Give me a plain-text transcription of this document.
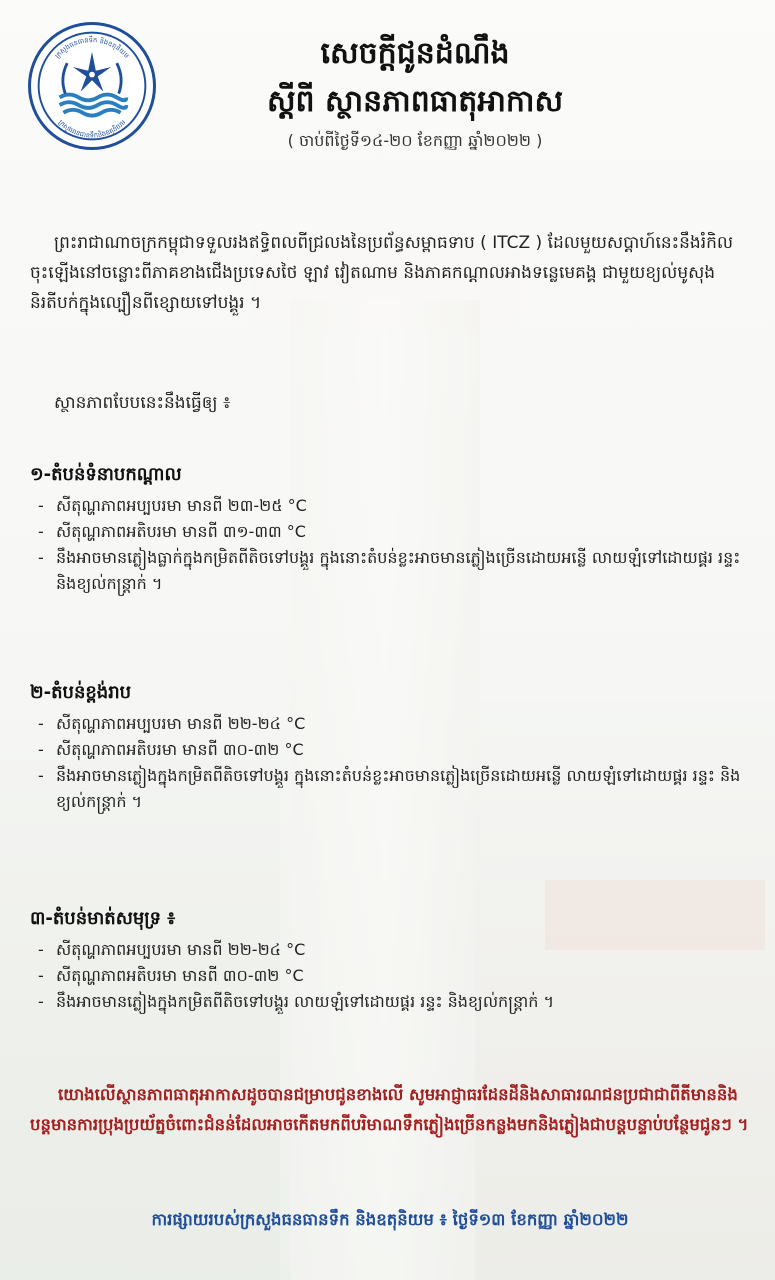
ក្រសួងធនធានទឹក និងឧតុនិយម
ក្រសួងធនធានទឹកនិងឧតុនិយម
សេចក្តីជូនដំណឹង
ស្តីពី ស្ថានភាពធាតុអាកាស
( ចាប់ពីថ្ងៃទី១៤-២០ ខែកញ្ញា ឆ្នាំ២០២២ )
ព្រះរាជាណាចក្រកម្ពុជាទទួលរងឥទ្ធិពលពីជ្រលងនៃប្រព័ន្ធសម្ពាធទាប ( ITCZ ) ដែលមួយសប្តាហ៍នេះនឹងរំកិលចុះឡើងនៅចន្លោះពីភាគខាងជើងប្រទេសថៃ ឡាវ វៀតណាម និងភាគកណ្តាលអាងទន្លេមេគង្គ ជាមួយខ្យល់មូសុងនិរតីបក់ក្នុងល្បឿនពីខ្សោយទៅបង្គួរ ។
ស្ថានភាពបែបនេះនឹងធ្វើឲ្យ ៖
១-តំបន់ទំនាបកណ្តាល
- សីតុណ្ហភាពអប្បបរមា មានពី ២៣-២៥ °C
- សីតុណ្ហភាពអតិបរមា មានពី ៣១-៣៣ °C
- នឹងអាចមានភ្លៀងធ្លាក់ក្នុងកម្រិតពីតិចទៅបង្គួរ ក្នុងនោះតំបន់ខ្លះអាចមានភ្លៀងច្រើនដោយអន្លើ លាយឡំទៅដោយផ្គរ រន្ទះ និងខ្យល់កន្ត្រាក់ ។
២-តំបន់ខ្ពង់រាប
- សីតុណ្ហភាពអប្បបរមា មានពី ២២-២៤ °C
- សីតុណ្ហភាពអតិបរមា មានពី ៣០-៣២ °C
- នឹងអាចមានភ្លៀងក្នុងកម្រិតពីតិចទៅបង្គួរ ក្នុងនោះតំបន់ខ្លះអាចមានភ្លៀងច្រើនដោយអន្លើ លាយឡំទៅដោយផ្គរ រន្ទះ និងខ្យល់កន្ត្រាក់ ។
៣-តំបន់មាត់សមុទ្រ ៖
- សីតុណ្ហភាពអប្បបរមា មានពី ២២-២៤ °C
- សីតុណ្ហភាពអតិបរមា មានពី ៣០-៣២ °C
- នឹងអាចមានភ្លៀងក្នុងកម្រិតពីតិចទៅបង្គួរ លាយឡំទៅដោយផ្គរ រន្ទះ និងខ្យល់កន្ត្រាក់ ។
យោងលើស្ថានភាពធាតុអាកាសដូចបានជម្រាបជូនខាងលើ សូមអាជ្ញាធរដែនដីនិងសាធារណជនប្រជាជាពីតីមាននិងបន្តមានការប្រុងប្រយ័ត្នចំពោះជំនន់ដែលអាចកើតមកពីបរិមាណទឹកភ្លៀងច្រើនកន្លងមកនិងភ្លៀងជាបន្តបន្ទាប់បន្ថែមជូនៗ ។
ការផ្សាយរបស់ក្រសួងធនធានទឹក និងឧតុនិយម ៖ ថ្ងៃទី១៣ ខែកញ្ញា ឆ្នាំ២០២២
